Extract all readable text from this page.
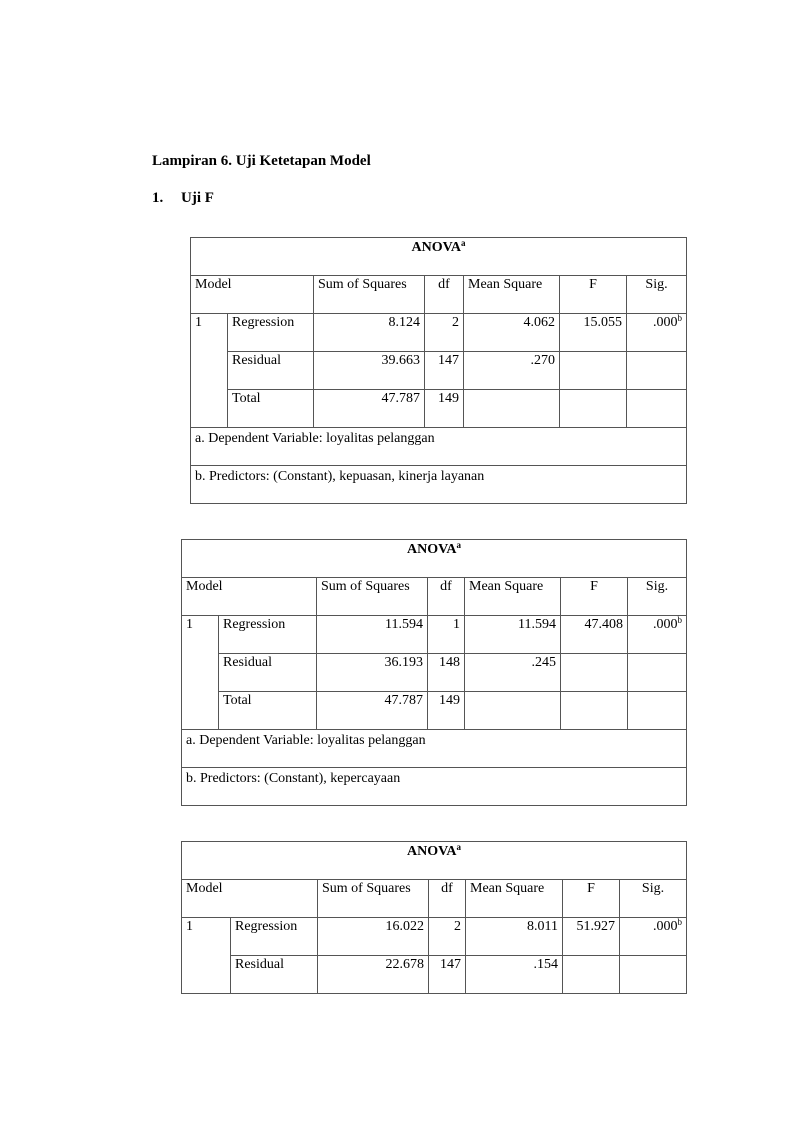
Lampiran 6. Uji Ketetapan Model

1. Uji F

ANOVA$^a$
Model		Sum of Squares	df	Mean Square	F	Sig.
1	Regression	8.124	2	4.062	15.055	.000$^b$
	Residual	39.663	147	.270		
	Total	47.787	149			
a. Dependent Variable: loyalitas pelanggan						
b. Predictors: (Constant), kepuasan, kinerja layanan						
ANOVA$^a$
Model		Sum of Squares	df	Mean Square	F	Sig.
1	Regression	11.594	1	11.594	47.408	.000$^b$
	Residual	36.193	148	.245		
	Total	47.787	149			
a. Dependent Variable: loyalitas pelanggan						
b. Predictors: (Constant), kepercayaan						
ANOVA$^a$
Model		Sum of Squares	df	Mean Square	F	Sig.
1	Regression	16.022	2	8.011	51.927	.000$^b$
	Residual	22.678	147	.154		
